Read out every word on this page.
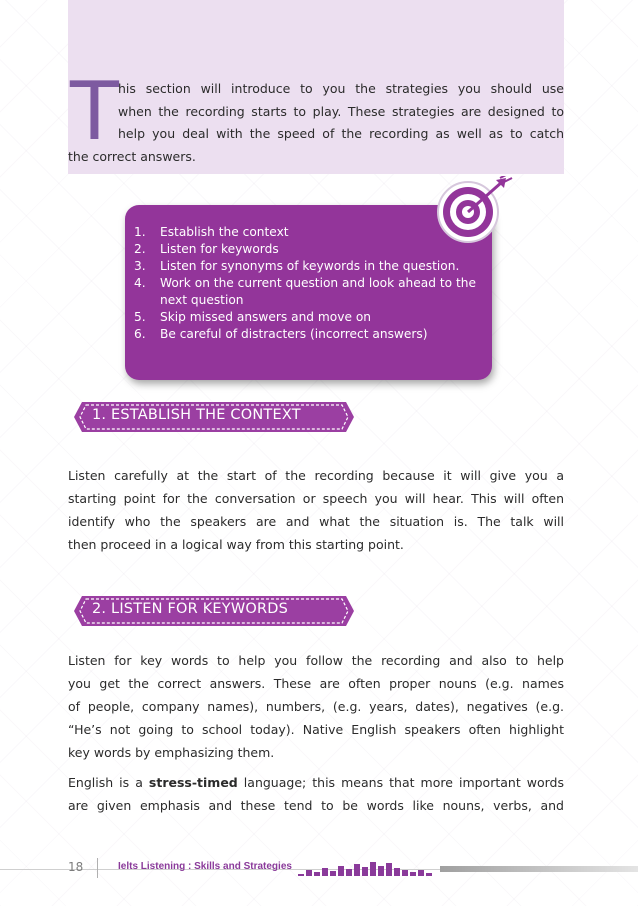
T his section will introduce to you the strategies you should use
when the recording starts to play. These strategies are designed to
help you deal with the speed of the recording as well as to catch
the correct answers.
1. Establish the context
2. Listen for keywords
3. Listen for synonyms of keywords in the question.
4. Work on the current question and look ahead to the next question
5. Skip missed answers and move on
6. Be careful of distracters (incorrect answers)
1. ESTABLISH THE CONTEXT
Listen carefully at the start of the recording because it will give you a
starting point for the conversation or speech you will hear. This will often
identify who the speakers are and what the situation is. The talk will
then proceed in a logical way from this starting point.
2. LISTEN FOR KEYWORDS
Listen for key words to help you follow the recording and also to help
you get the correct answers. These are often proper nouns (e.g. names
of people, company names), numbers, (e.g. years, dates), negatives (e.g.
“He’s not going to school today). Native English speakers often highlight
key words by emphasizing them.
English is a stress-timed language; this means that more important words
are given emphasis and these tend to be words like nouns, verbs, and
18	Ielts Listening : Skills and Strategies
